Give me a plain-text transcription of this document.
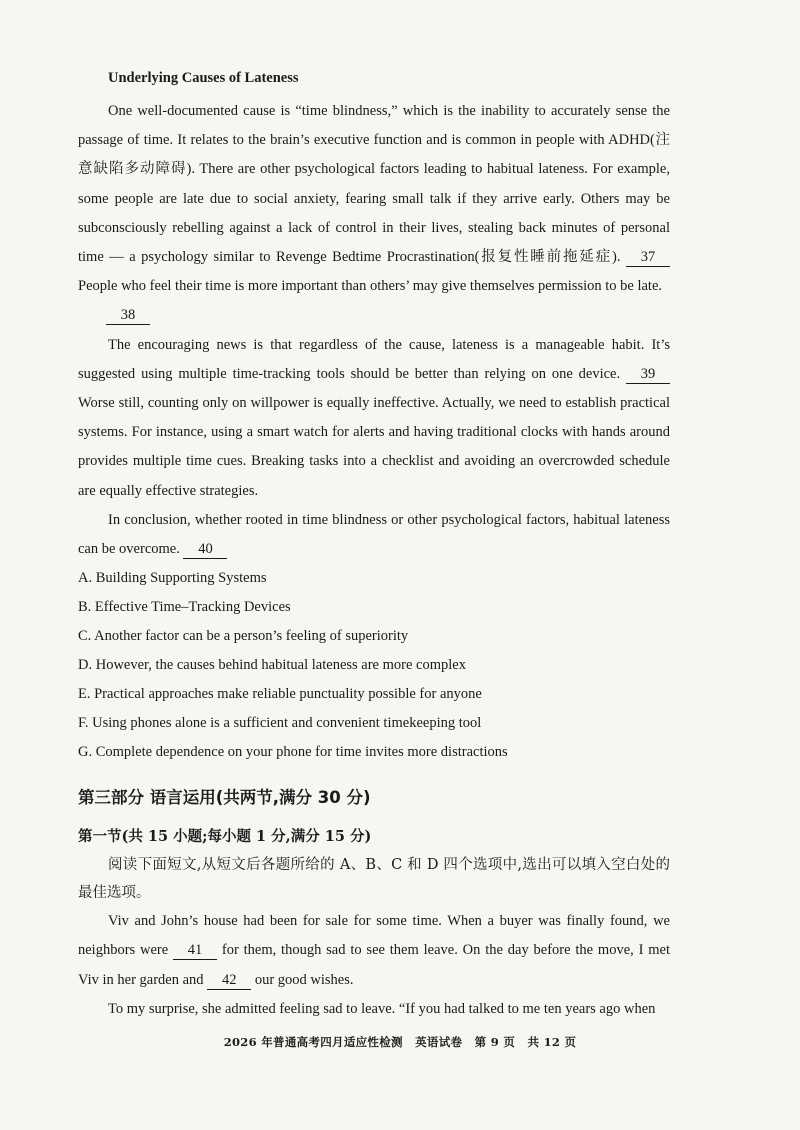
Underlying Causes of Lateness

One well-documented cause is “time blindness,” which is the inability to accurately sense the passage of time. It relates to the brain’s executive function and is common in people with ADHD(注意缺陷多动障碍). There are other psychological factors leading to habitual lateness. For example, some people are late due to social anxiety, fearing small talk if they arrive early. Others may be subconsciously rebelling against a lack of control in their lives, stealing back minutes of personal time — a psychology similar to Revenge Bedtime Procrastination(报复性睡前拖延症). 37 People who feel their time is more important than others’ may give themselves permission to be late.

38

The encouraging news is that regardless of the cause, lateness is a manageable habit. It’s suggested using multiple time-tracking tools should be better than relying on one device. 39 Worse still, counting only on willpower is equally ineffective. Actually, we need to establish practical systems. For instance, using a smart watch for alerts and having traditional clocks with hands around provides multiple time cues. Breaking tasks into a checklist and avoiding an overcrowded schedule are equally effective strategies.

In conclusion, whether rooted in time blindness or other psychological factors, habitual lateness can be overcome. 40

A. Building Supporting Systems
B. Effective Time–Tracking Devices
C. Another factor can be a person’s feeling of superiority
D. However, the causes behind habitual lateness are more complex
E. Practical approaches make reliable punctuality possible for anyone
F. Using phones alone is a sufficient and convenient timekeeping tool
G. Complete dependence on your phone for time invites more distractions
第三部分 语言运用(共两节,满分 30 分)
第一节(共 15 小题;每小题 1 分,满分 15 分)

阅读下面短文,从短文后各题所给的 A、B、C 和 D 四个选项中,选出可以填入空白处的最佳选项。

Viv and John’s house had been for sale for some time. When a buyer was finally found, we neighbors were 41 for them, though sad to see them leave. On the day before the move, I met Viv in her garden and 42 our good wishes.

To my surprise, she admitted feeling sad to leave. “If you had talked to me ten years ago when

2026 年普通高考四月适应性检测 英语试卷 第 9 页 共 12 页
